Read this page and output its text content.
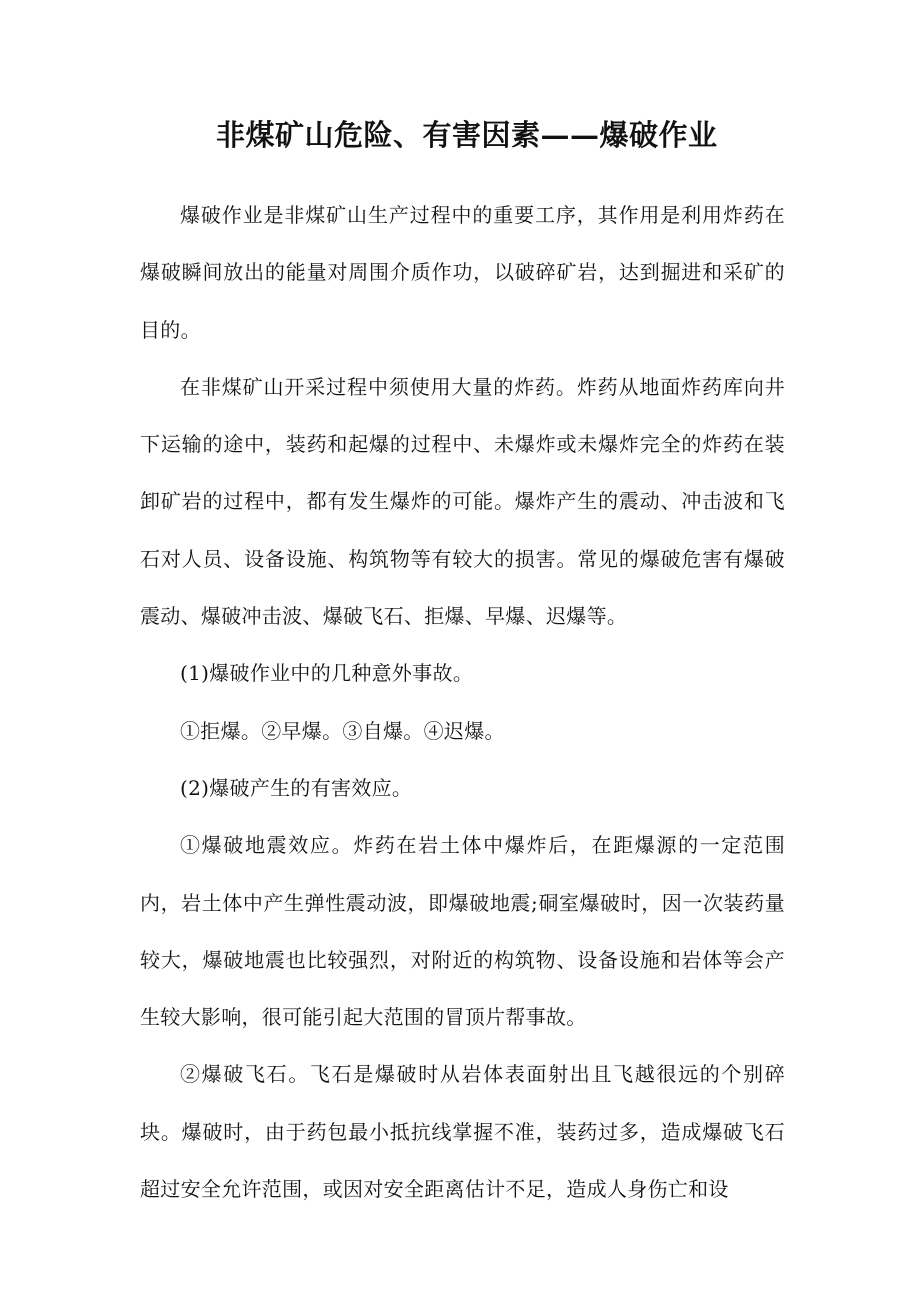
非煤矿山危险、有害因素——爆破作业

爆破作业是非煤矿山生产过程中的重要工序，其作用是利用炸药在爆破瞬间放出的能量对周围介质作功，以破碎矿岩，达到掘进和采矿的目的。

在非煤矿山开采过程中须使用大量的炸药。炸药从地面炸药库向井下运输的途中，装药和起爆的过程中、未爆炸或未爆炸完全的炸药在装卸矿岩的过程中，都有发生爆炸的可能。爆炸产生的震动、冲击波和飞石对人员、设备设施、构筑物等有较大的损害。常见的爆破危害有爆破震动、爆破冲击波、爆破飞石、拒爆、早爆、迟爆等。

(1)爆破作业中的几种意外事故。

①拒爆。②早爆。③自爆。④迟爆。

(2)爆破产生的有害效应。

①爆破地震效应。炸药在岩土体中爆炸后，在距爆源的一定范围内，岩土体中产生弹性震动波，即爆破地震;硐室爆破时，因一次装药量较大，爆破地震也比较强烈，对附近的构筑物、设备设施和岩体等会产生较大影响，很可能引起大范围的冒顶片帮事故。

②爆破飞石。飞石是爆破时从岩体表面射出且飞越很远的个别碎块。爆破时，由于药包最小抵抗线掌握不准，装药过多，造成爆破飞石超过安全允许范围，或因对安全距离估计不足，造成人身伤亡和设
